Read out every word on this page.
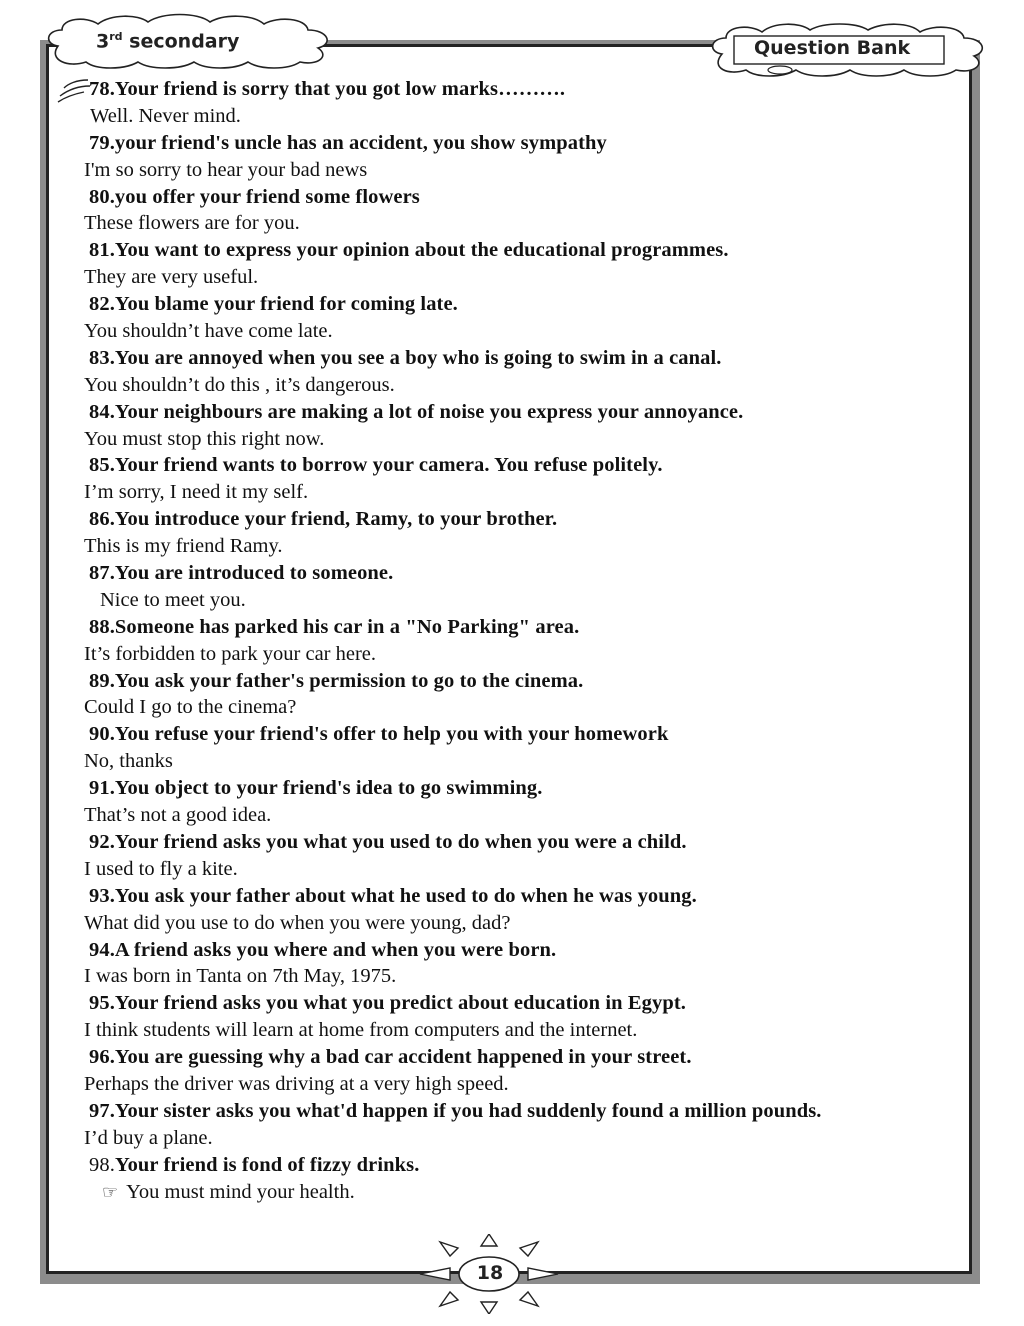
3rd secondary	Question Bank
78.Your friend is sorry that you got low marks……….
Well. Never mind.
79.your friend's uncle has an accident, you show sympathy
I'm so sorry to hear your bad news
80.you offer your friend some flowers
These flowers are for you.
81.You want to express your opinion about the educational programmes.
They are very useful.
82.You blame your friend for coming late.
You shouldn’t have come late.
83.You are annoyed when you see a boy who is going to swim in a canal.
You shouldn’t do this , it’s dangerous.
84.Your neighbours are making a lot of noise you express your annoyance.
You must stop this right now.
85.Your friend wants to borrow your camera. You refuse politely.
I’m sorry, I need it my self.
86.You introduce your friend, Ramy, to your brother.
This is my friend Ramy.
87.You are introduced to someone.
Nice to meet you.
88.Someone has parked his car in a "No Parking" area.
It’s forbidden to park your car here.
89.You ask your father's permission to go to the cinema.
Could I go to the cinema?
90.You refuse your friend's offer to help you with your homework
No, thanks
91.You object to your friend's idea to go swimming.
That’s not a good idea.
92.Your friend asks you what you used to do when you were a child.
I used to fly a kite.
93.You ask your father about what he used to do when he was young.
What did you use to do when you were young, dad?
94.A friend asks you where and when you were born.
I was born in Tanta on 7th May, 1975.
95.Your friend asks you what you predict about education in Egypt.
I think students will learn at home from computers and the internet.
96.You are guessing why a bad car accident happened in your street.
Perhaps the driver was driving at a very high speed.
97.Your sister asks you what'd happen if you had suddenly found a million pounds.
I’d buy a plane.
98.Your friend is fond of fizzy drinks.
☞ You must mind your health.
18
